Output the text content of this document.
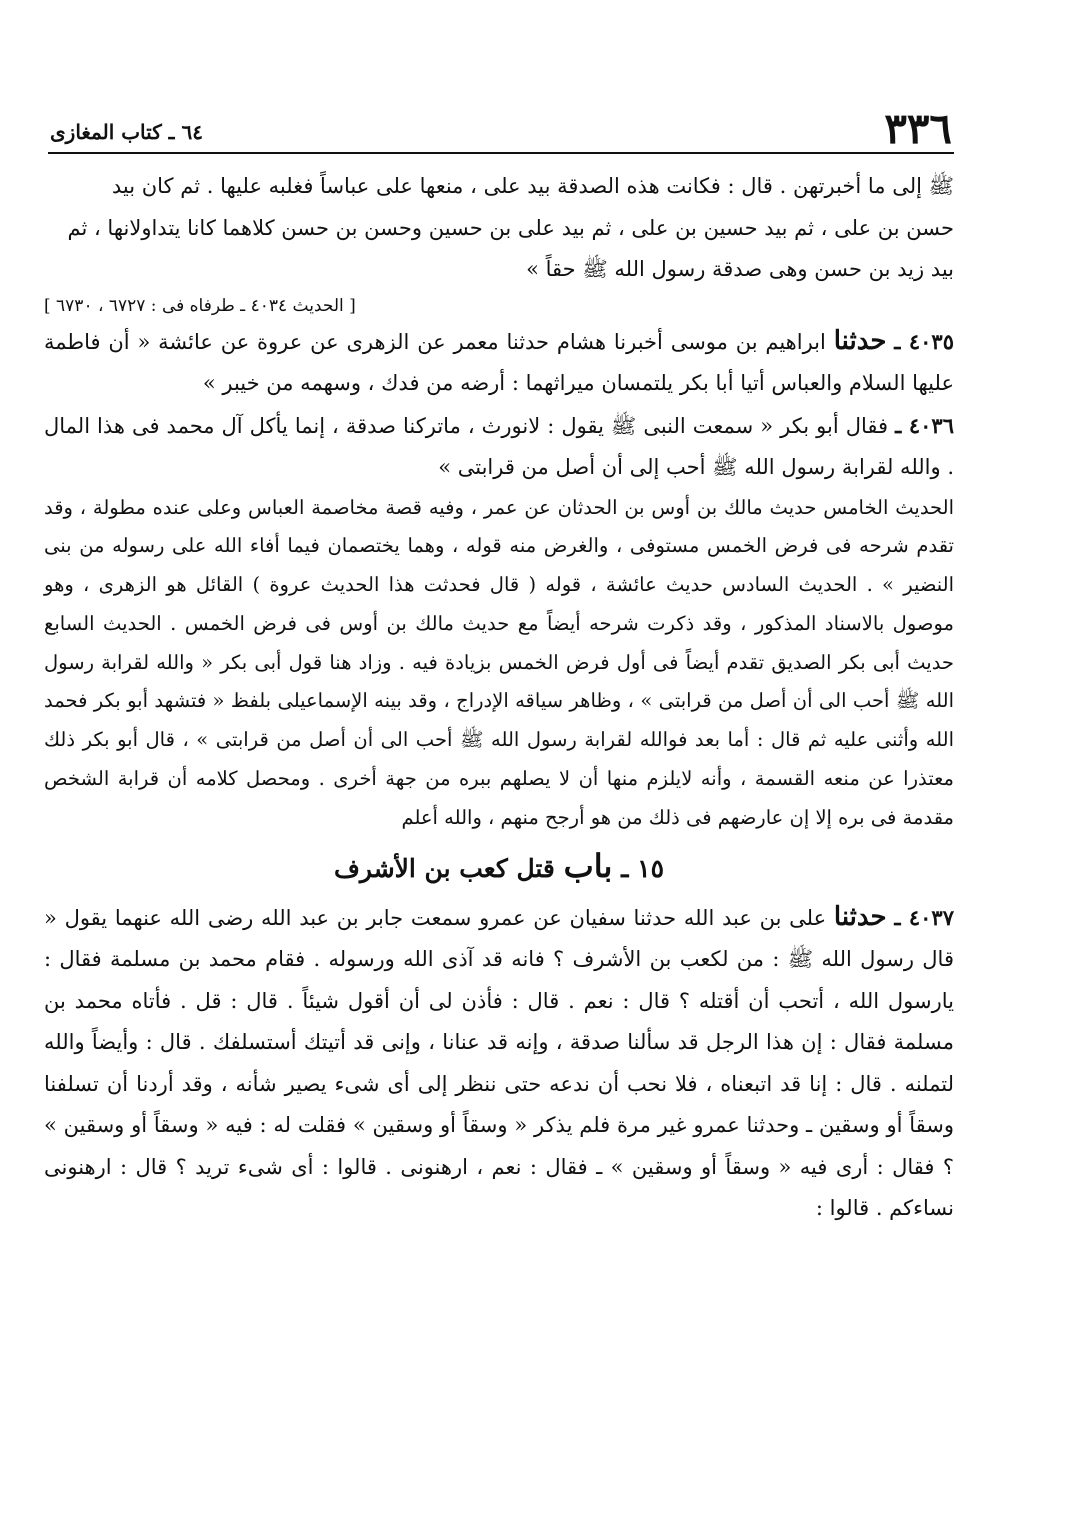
٣٣٦
٦٤ ـ كتاب المغازى

ﷺ إلى ما أخبرتهن . قال : فكانت هذه الصدقة بيد على ، منعها على عباساً فغلبه عليها . ثم كان بيد

حسن بن على ، ثم بيد حسين بن على ، ثم بيد على بن حسين وحسن بن حسن كلاهما كانا يتداولانها ، ثم

بيد زيد بن حسن وهى صدقة رسول الله ﷺ حقاً »

[ الحديث ٤٠٣٤ ـ طرفاه فى : ٦٧٢٧ ، ٦٧٣٠ ]

٤٠٣٥ ـ حدثنا ابراهيم بن موسى أخبرنا هشام حدثنا معمر عن الزهرى عن عروة عن عائشة « أن فاطمة عليها السلام والعباس أتيا أبا بكر يلتمسان ميراثهما : أرضه من فدك ، وسهمه من خيبر »

٤٠٣٦ ـ فقال أبو بكر « سمعت النبى ﷺ يقول : لانورث ، ماتركنا صدقة ، إنما يأكل آل محمد فى هذا المال . والله لقرابة رسول الله ﷺ أحب إلى أن أصل من قرابتى »

الحديث الخامس حديث مالك بن أوس بن الحدثان عن عمر ، وفيه قصة مخاصمة العباس وعلى عنده مطولة ، وقد تقدم شرحه فى فرض الخمس مستوفى ، والغرض منه قوله ، وهما يختصمان فيما أفاء الله على رسوله من بنى النضير » . الحديث السادس حديث عائشة ، قوله ( قال فحدثت هذا الحديث عروة ) القائل هو الزهرى ، وهو موصول بالاسناد المذكور ، وقد ذكرت شرحه أيضاً مع حديث مالك بن أوس فى فرض الخمس . الحديث السابع حديث أبى بكر الصديق تقدم أيضاً فى أول فرض الخمس بزيادة فيه . وزاد هنا قول أبى بكر « والله لقرابة رسول الله ﷺ أحب الى أن أصل من قرابتى » ، وظاهر سياقه الإدراج ، وقد بينه الإسماعيلى بلفظ « فتشهد أبو بكر فحمد الله وأثنى عليه ثم قال : أما بعد فوالله لقرابة رسول الله ﷺ أحب الى أن أصل من قرابتى » ، قال أبو بكر ذلك معتذرا عن منعه القسمة ، وأنه لايلزم منها أن لا يصلهم ببره من جهة أخرى . ومحصل كلامه أن قرابة الشخص مقدمة فى بره إلا إن عارضهم فى ذلك من هو أرجح منهم ، والله أعلم

١٥ ـ باب قتل كعب بن الأشرف

٤٠٣٧ ـ حدثنا على بن عبد الله حدثنا سفيان عن عمرو سمعت جابر بن عبد الله رضى الله عنهما يقول « قال رسول الله ﷺ : من لكعب بن الأشرف ؟ فانه قد آذى الله ورسوله . فقام محمد بن مسلمة فقال : يارسول الله ، أتحب أن أقتله ؟ قال : نعم . قال : فأذن لى أن أقول شيئاً . قال : قل . فأتاه محمد بن مسلمة فقال : إن هذا الرجل قد سألنا صدقة ، وإنه قد عنانا ، وإنى قد أتيتك أستسلفك . قال : وأيضاً والله لتملنه . قال : إنا قد اتبعناه ، فلا نحب أن ندعه حتى ننظر إلى أى شىء يصير شأنه ، وقد أردنا أن تسلفنا وسقاً أو وسقين ـ وحدثنا عمرو غير مرة فلم يذكر « وسقاً أو وسقين » فقلت له : فيه « وسقاً أو وسقين » ؟ فقال : أرى فيه « وسقاً أو وسقين » ـ فقال : نعم ، ارهنونى . قالوا : أى شىء تريد ؟ قال : ارهنونى نساءكم . قالوا :
